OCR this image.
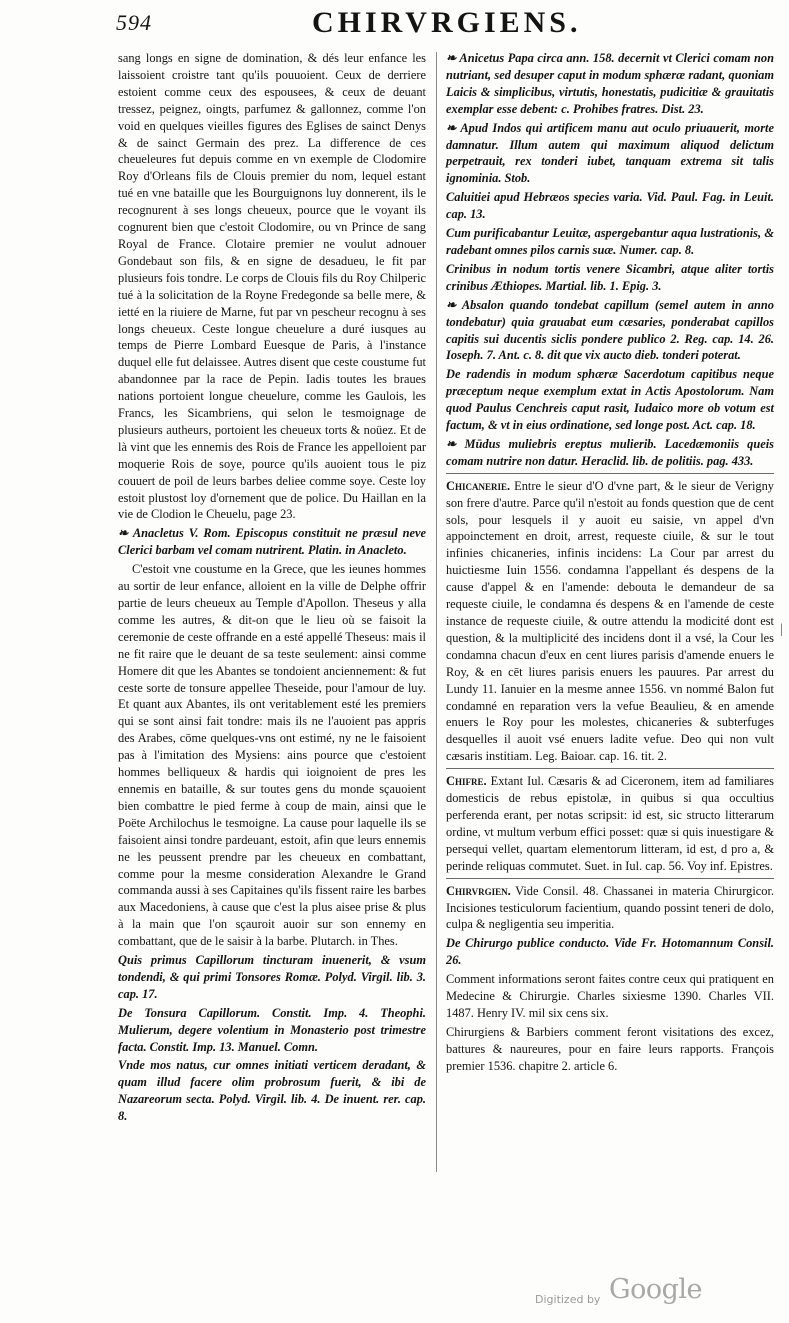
594	CHIRVRGIENS.

sang longs en signe de domination, & dés leur enfance les laissoient croistre tant qu'ils pouuoient. Ceux de derriere estoient comme ceux des espousees, & ceux de deuant tressez, peignez, oingts, parfumez & gallonnez, comme l'on void en quelques vieilles figures des Eglises de sainct Denys & de sainct Germain des prez. La difference de ces cheueleures fut depuis comme en vn exemple de Clodomire Roy d'Orleans fils de Clouis premier du nom, lequel estant tué en vne bataille que les Bourguignons luy donnerent, ils le recognurent à ses longs cheueux, pource que le voyant ils cognurent bien que c'estoit Clodomire, ou vn Prince de sang Royal de France. Clotaire premier ne voulut adnouer Gondebaut son fils, & en signe de desadueu, le fit par plusieurs fois tondre. Le corps de Clouis fils du Roy Chilperic tué à la solicitation de la Royne Fredegonde sa belle mere, & ietté en la riuiere de Marne, fut par vn pescheur recognu à ses longs cheueux. Ceste longue cheuelure a duré iusques au temps de Pierre Lombard Euesque de Paris, à l'instance duquel elle fut delaissee. Autres disent que ceste coustume fut abandonnee par la race de Pepin. Iadis toutes les braues nations portoient longue cheuelure, comme les Gaulois, les Francs, les Sicambriens, qui selon le tesmoignage de plusieurs autheurs, portoient les cheueux torts & noüez. Et de là vint que les ennemis des Rois de France les appelloient par moquerie Rois de soye, pource qu'ils auoient tous le piz couuert de poil de leurs barbes deliee comme soye. Ceste loy estoit plustost loy d'ornement que de police. Du Haillan en la vie de Clodion le Cheuelu, page 23.

❧ Anacletus V. Rom. Episcopus constituit ne præsul neve Clerici barbam vel comam nutrirent. Platin. in Anacleto.

C'estoit vne coustume en la Grece, que les ieunes hommes au sortir de leur enfance, alloient en la ville de Delphe offrir partie de leurs cheueux au Temple d'Apollon. Theseus y alla comme les autres, & dit-on que le lieu où se faisoit la ceremonie de ceste offrande en a esté appellé Theseus: mais il ne fit raire que le deuant de sa teste seulement: ainsi comme Homere dit que les Abantes se tondoient anciennement: & fut ceste sorte de tonsure appellee Theseide, pour l'amour de luy. Et quant aux Abantes, ils ont veritablement esté les premiers qui se sont ainsi fait tondre: mais ils ne l'auoient pas appris des Arabes, cōme quelques-vns ont estimé, ny ne le faisoient pas à l'imitation des Mysiens: ains pource que c'estoient hommes belliqueux & hardis qui ioignoient de pres les ennemis en bataille, & sur toutes gens du monde sçauoient bien combattre le pied ferme à coup de main, ainsi que le Poëte Archilochus le tesmoigne. La cause pour laquelle ils se faisoient ainsi tondre pardeuant, estoit, afin que leurs ennemis ne les peussent prendre par les cheueux en combattant, comme pour la mesme consideration Alexandre le Grand commanda aussi à ses Capitaines qu'ils fissent raire les barbes aux Macedoniens, à cause que c'est la plus aisee prise & plus à la main que l'on sçauroit auoir sur son ennemy en combattant, que de le saisir à la barbe. Plutarch. in Thes.

Quis primus Capillorum tincturam inuenerit, & vsum tondendi, & qui primi Tonsores Romæ. Polyd. Virgil. lib. 3. cap. 17.

De Tonsura Capillorum. Constit. Imp. 4. Theophi. Mulierum, degere volentium in Monasterio post trimestre facta. Constit. Imp. 13. Manuel. Comn.

Vnde mos natus, cur omnes initiati verticem deradant, & quam illud facere olim probrosum fuerit, & ibi de Nazareorum secta. Polyd. Virgil. lib. 4. De inuent. rer. cap. 8.

❧ Anicetus Papa circa ann. 158. decernit vt Clerici comam non nutriant, sed desuper caput in modum sphæræ radant, quoniam Laicis & simplicibus, virtutis, honestatis, pudicitiæ & grauitatis exemplar esse debent: c. Prohibes fratres. Dist. 23.

❧ Apud Indos qui artificem manu aut oculo priuauerit, morte damnatur. Illum autem qui maximum aliquod delictum perpetrauit, rex tonderi iubet, tanquam extrema sit talis ignominia. Stob.

Caluitiei apud Hebræos species varia. Vid. Paul. Fag. in Leuit. cap. 13.

Cum purificabantur Leuitæ, aspergebantur aqua lustrationis, & radebant omnes pilos carnis suæ. Numer. cap. 8.

Crinibus in nodum tortis venere Sicambri, atque aliter tortis crinibus Æthiopes. Martial. lib. 1. Epig. 3.

❧ Absalon quando tondebat capillum (semel autem in anno tondebatur) quia grauabat eum cæsaries, ponderabat capillos capitis sui ducentis siclis pondere publico 2. Reg. cap. 14. 26. Ioseph. 7. Ant. c. 8. dit que vix aucto dieb. tonderi poterat.

De radendis in modum sphæræ Sacerdotum capitibus neque præceptum neque exemplum extat in Actis Apostolorum. Nam quod Paulus Cenchreis caput rasit, Iudaico more ob votum est factum, & vt in eius ordinatione, sed longe post. Act. cap. 18.

❧ Mūdus muliebris ereptus mulierib. Lacedæmoniis queis comam nutrire non datur. Heraclid. lib. de politiis. pag. 433.

Chicanerie. Entre le sieur d'O d'vne part, & le sieur de Verigny son frere d'autre. Parce qu'il n'estoit au fonds question que de cent sols, pour lesquels il y auoit eu saisie, vn appel d'vn appoinctement en droit, arrest, requeste ciuile, & sur le tout infinies chicaneries, infinis incidens: La Cour par arrest du huictiesme Iuin 1556. condamna l'appellant és despens de la cause d'appel & en l'amende: debouta le demandeur de sa requeste ciuile, le condamna és despens & en l'amende de ceste instance de requeste ciuile, & outre attendu la modicité dont est question, & la multiplicité des incidens dont il a vsé, la Cour les condamna chacun d'eux en cent liures parisis d'amende enuers le Roy, & en cēt liures parisis enuers les pauures. Par arrest du Lundy 11. Ianuier en la mesme annee 1556. vn nommé Balon fut condamné en reparation vers la vefue Beaulieu, & en amende enuers le Roy pour les molestes, chicaneries & subterfuges desquelles il auoit vsé enuers ladite vefue. Deo qui non vult cæsaris institiam. Leg. Baioar. cap. 16. tit. 2.

Chifre. Extant Iul. Cæsaris & ad Ciceronem, item ad familiares domesticis de rebus epistolæ, in quibus si qua occultius perferenda erant, per notas scripsit: id est, sic structo litterarum ordine, vt multum verbum effici posset: quæ si quis inuestigare & persequi vellet, quartam elementorum litteram, id est, d pro a, & perinde reliquas commutet. Suet. in Iul. cap. 56. Voy inf. Epistres.

Chirvrgien. Vide Consil. 48. Chassanei in materia Chirurgicor. Incisiones testiculorum facientium, quando possint teneri de dolo, culpa & negligentia seu imperitia.

De Chirurgo publice conducto. Vide Fr. Hotomannum Consil. 26.

Comment informations seront faites contre ceux qui pratiquent en Medecine & Chirurgie. Charles sixiesme 1390. Charles VII. 1487. Henry IV. mil six cens six.

Chirurgiens & Barbiers comment feront visitations des excez, battures & naureures, pour en faire leurs rapports. François premier 1536. chapitre 2. article 6.

|
Digitized by Google
